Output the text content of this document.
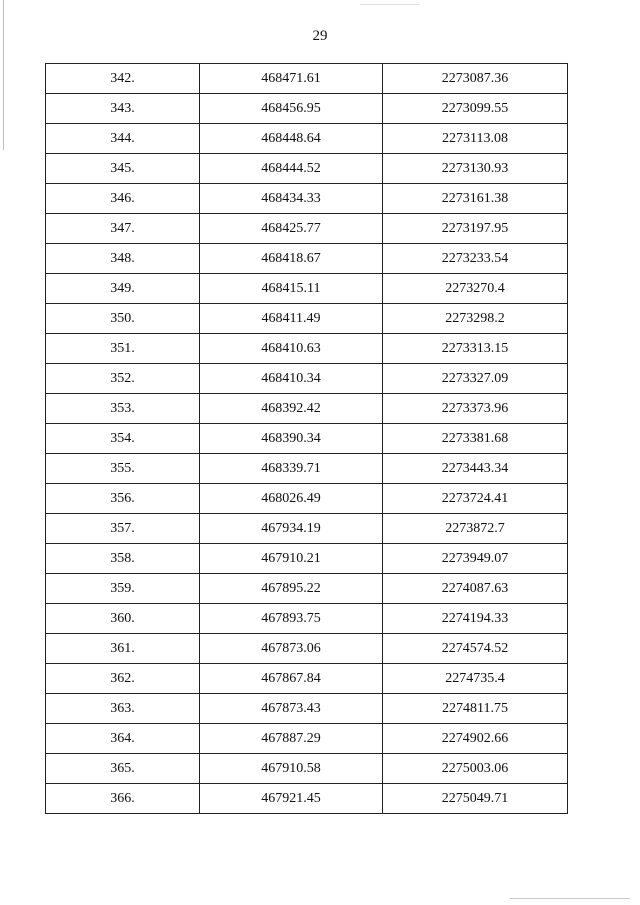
29
342.	468471.61	2273087.36
343.	468456.95	2273099.55
344.	468448.64	2273113.08
345.	468444.52	2273130.93
346.	468434.33	2273161.38
347.	468425.77	2273197.95
348.	468418.67	2273233.54
349.	468415.11	2273270.4
350.	468411.49	2273298.2
351.	468410.63	2273313.15
352.	468410.34	2273327.09
353.	468392.42	2273373.96
354.	468390.34	2273381.68
355.	468339.71	2273443.34
356.	468026.49	2273724.41
357.	467934.19	2273872.7
358.	467910.21	2273949.07
359.	467895.22	2274087.63
360.	467893.75	2274194.33
361.	467873.06	2274574.52
362.	467867.84	2274735.4
363.	467873.43	2274811.75
364.	467887.29	2274902.66
365.	467910.58	2275003.06
366.	467921.45	2275049.71
